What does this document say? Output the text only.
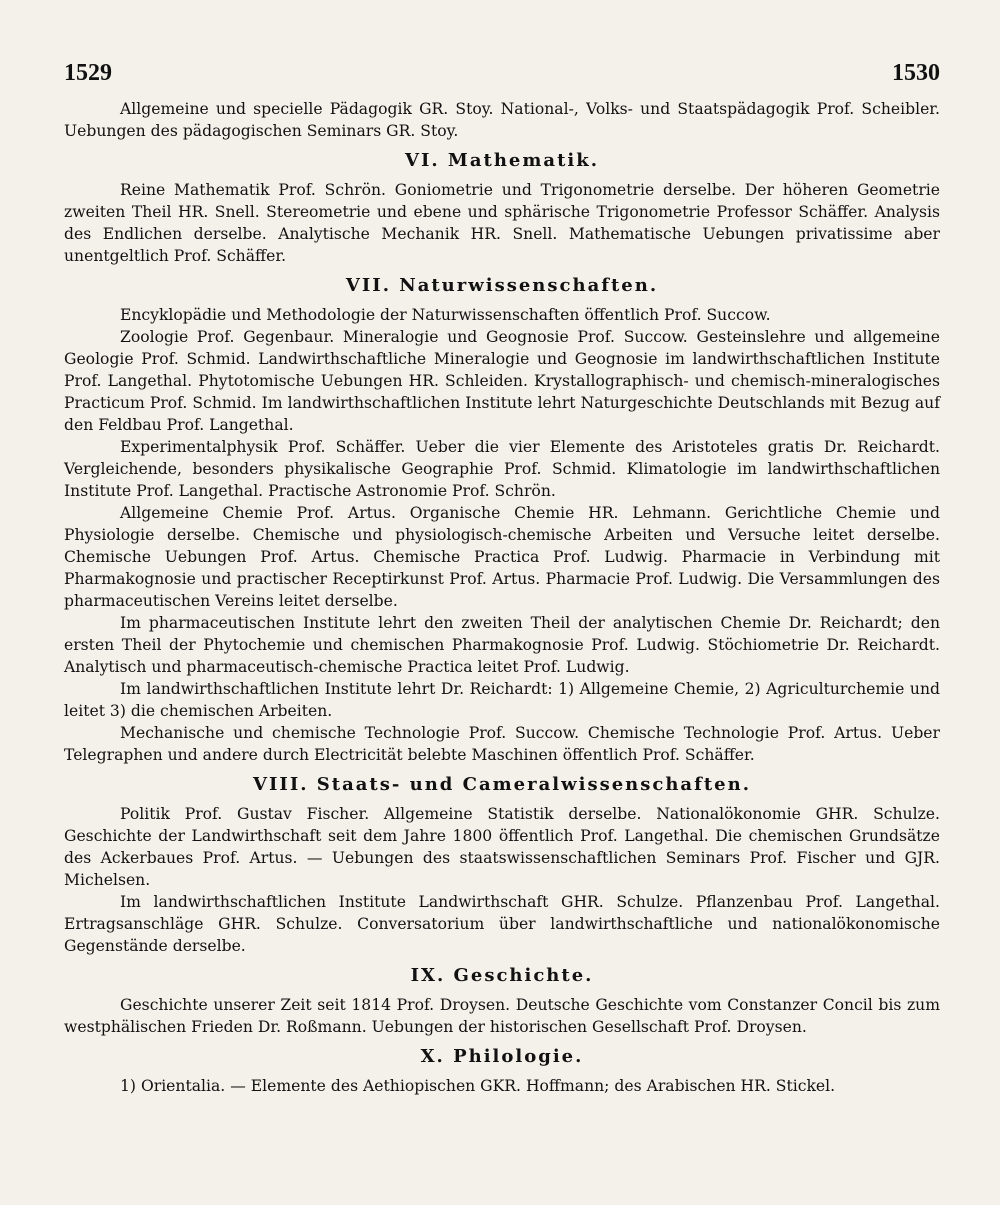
1529	1530

Allgemeine und specielle Pädagogik GR. Stoy. National-, Volks- und Staatspädagogik Prof. Scheibler. Uebungen des pädagogischen Seminars GR. Stoy.

VI. Mathematik.

Reine Mathematik Prof. Schrön. Goniometrie und Trigonometrie derselbe. Der höheren Geometrie zweiten Theil HR. Snell. Stereometrie und ebene und sphärische Trigonometrie Professor Schäffer. Analysis des Endlichen derselbe. Analytische Mechanik HR. Snell. Mathematische Uebungen privatissime aber unentgeltlich Prof. Schäffer.

VII. Naturwissenschaften.

Encyklopädie und Methodologie der Naturwissenschaften öffentlich Prof. Succow.

Zoologie Prof. Gegenbaur. Mineralogie und Geognosie Prof. Succow. Gesteinslehre und allgemeine Geologie Prof. Schmid. Landwirthschaftliche Mineralogie und Geognosie im landwirthschaftlichen Institute Prof. Langethal. Phytotomische Uebungen HR. Schleiden. Krystallographisch- und chemisch-mineralogisches Practicum Prof. Schmid. Im landwirthschaftlichen Institute lehrt Naturgeschichte Deutschlands mit Bezug auf den Feldbau Prof. Langethal.

Experimentalphysik Prof. Schäffer. Ueber die vier Elemente des Aristoteles gratis Dr. Reichardt. Vergleichende, besonders physikalische Geographie Prof. Schmid. Klimatologie im landwirthschaftlichen Institute Prof. Langethal. Practische Astronomie Prof. Schrön.

Allgemeine Chemie Prof. Artus. Organische Chemie HR. Lehmann. Gerichtliche Chemie und Physiologie derselbe. Chemische und physiologisch-chemische Arbeiten und Versuche leitet derselbe. Chemische Uebungen Prof. Artus. Chemische Practica Prof. Ludwig. Pharmacie in Verbindung mit Pharmakognosie und practischer Receptirkunst Prof. Artus. Pharmacie Prof. Ludwig. Die Versammlungen des pharmaceutischen Vereins leitet derselbe.

Im pharmaceutischen Institute lehrt den zweiten Theil der analytischen Chemie Dr. Reichardt; den ersten Theil der Phytochemie und chemischen Pharmakognosie Prof. Ludwig. Stöchiometrie Dr. Reichardt. Analytisch und pharmaceutisch-chemische Practica leitet Prof. Ludwig.

Im landwirthschaftlichen Institute lehrt Dr. Reichardt: 1) Allgemeine Chemie, 2) Agriculturchemie und leitet 3) die chemischen Arbeiten.

Mechanische und chemische Technologie Prof. Succow. Chemische Technologie Prof. Artus. Ueber Telegraphen und andere durch Electricität belebte Maschinen öffentlich Prof. Schäffer.

VIII. Staats- und Cameralwissenschaften.

Politik Prof. Gustav Fischer. Allgemeine Statistik derselbe. Nationalökonomie GHR. Schulze. Geschichte der Landwirthschaft seit dem Jahre 1800 öffentlich Prof. Langethal. Die chemischen Grundsätze des Ackerbaues Prof. Artus. — Uebungen des staatswissenschaftlichen Seminars Prof. Fischer und GJR. Michelsen.

Im landwirthschaftlichen Institute Landwirthschaft GHR. Schulze. Pflanzenbau Prof. Langethal. Ertragsanschläge GHR. Schulze. Conversatorium über landwirthschaftliche und nationalökonomische Gegenstände derselbe.

IX. Geschichte.

Geschichte unserer Zeit seit 1814 Prof. Droysen. Deutsche Geschichte vom Constanzer Concil bis zum westphälischen Frieden Dr. Roßmann. Uebungen der historischen Gesellschaft Prof. Droysen.

X. Philologie.

1) Orientalia. — Elemente des Aethiopischen GKR. Hoffmann; des Arabischen HR. Stickel.
